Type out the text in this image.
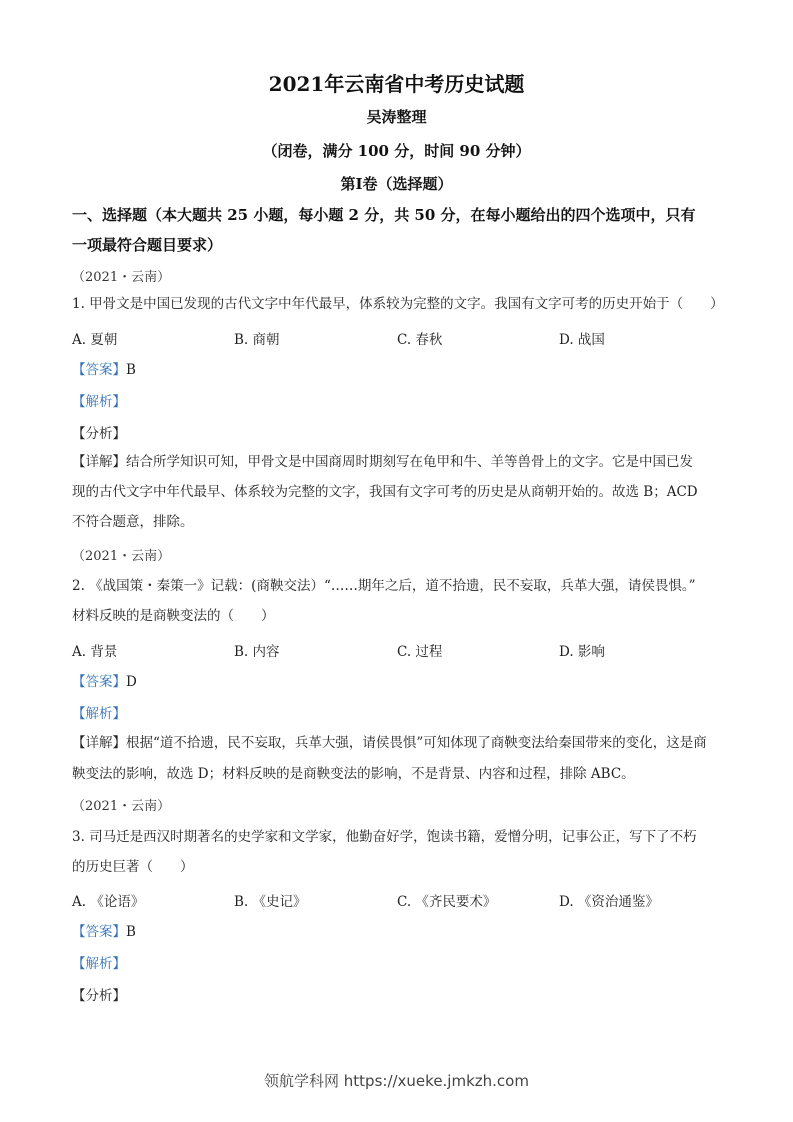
2021年云南省中考历史试题
吴涛整理
（闭卷，满分 100 分，时间 90 分钟）
第Ⅰ卷（选择题）
一、选择题（本大题共 25 小题，每小题 2 分，共 50 分，在每小题给出的四个选项中，只有
一项最符合题目要求）
（2021・云南）
1. 甲骨文是中国已发现的古代文字中年代最早，体系较为完整的文字。我国有文字可考的历史开始于（　　）
A. 夏朝	B. 商朝	C. 春秋	D. 战国
【答案】B
【解析】
【分析】
【详解】结合所学知识可知，甲骨文是中国商周时期刻写在龟甲和牛、羊等兽骨上的文字。它是中国已发
现的古代文字中年代最早、体系较为完整的文字，我国有文字可考的历史是从商朝开始的。故选 B；ACD
不符合题意，排除。
（2021・云南）
2. 《战国策・秦策一》记载：(商鞅交法）“……期年之后，道不拾遗，民不妄取，兵革大强，请侯畏惧。”
材料反映的是商鞅变法的（　　）
A. 背景	B. 内容	C. 过程	D. 影响
【答案】D
【解析】
【详解】根据“道不拾遗，民不妄取，兵革大强，请侯畏惧”可知体现了商鞅变法给秦国带来的变化，这是商
鞅变法的影响，故选 D；材料反映的是商鞅变法的影响，不是背景、内容和过程，排除 ABC。
（2021・云南）
3. 司马迁是西汉时期著名的史学家和文学家，他勤奋好学，饱读书籍，爱憎分明，记事公正，写下了不朽
的历史巨著（　　）
A. 《论语》	B. 《史记》	C. 《齐民要术》	D. 《资治通鉴》
【答案】B
【解析】
【分析】
领航学科网 https://xueke.jmkzh.com
